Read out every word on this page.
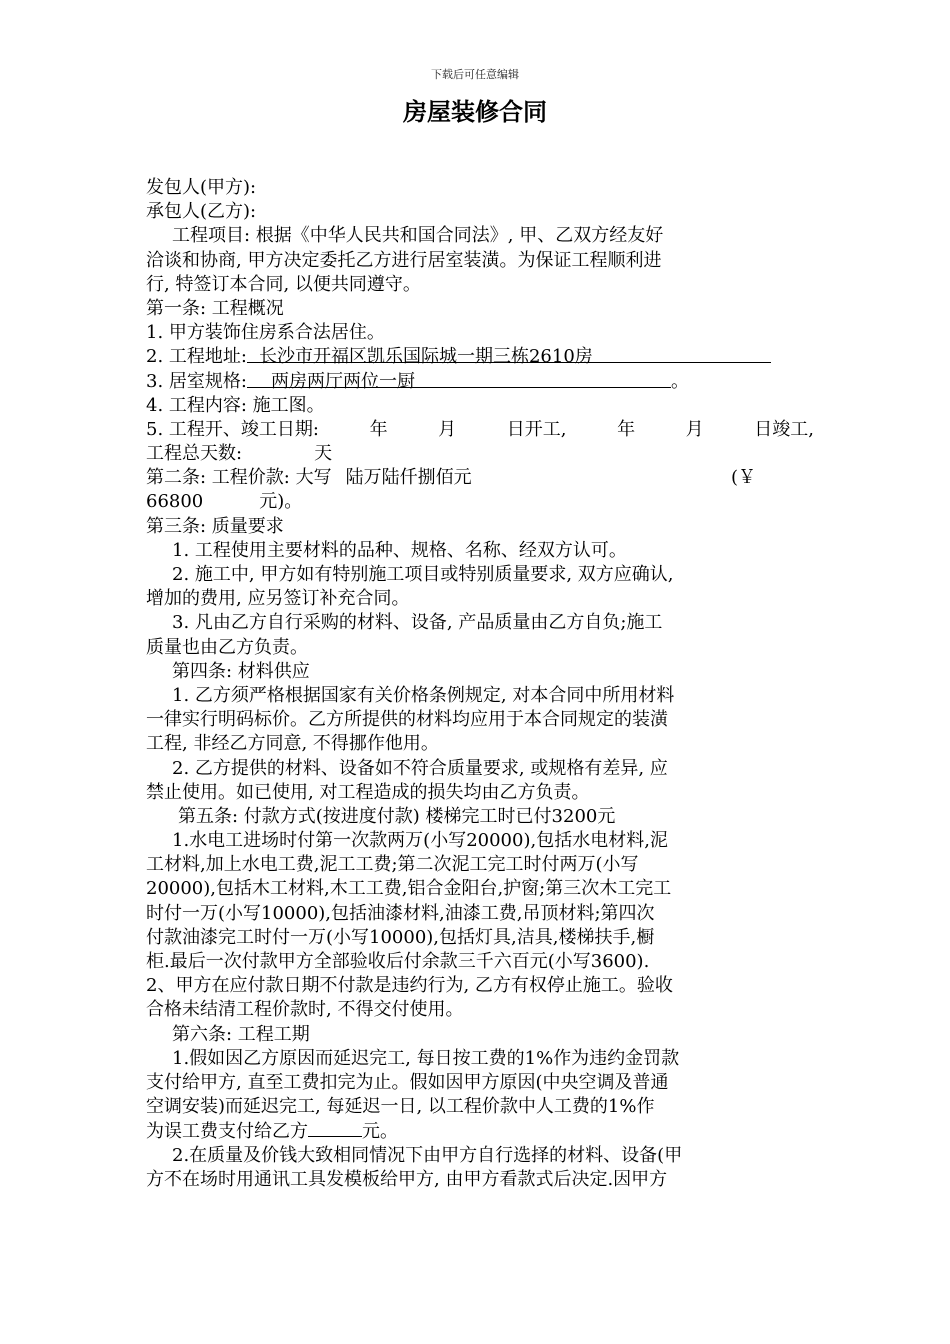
下载后可任意编辑
房屋装修合同
发包人(甲方):
承包人(乙方):
工程项目: 根据《中华人民共和国合同法》, 甲、乙双方经友好
洽谈和协商, 甲方决定委托乙方进行居室装潢。为保证工程顺利进
行, 特签订本合同, 以便共同遵守。
第一条: 工程概况
1. 甲方装饰住房系合法居住。
2. 工程地址: 长沙市开福区凯乐国际城一期三栋2610房
3. 居室规格: 两房两厅两位一厨	。
4. 工程内容: 施工图。
5. 工程开、竣工日期:	年	月	日开工,	年	月	日竣工,
工程总天数:	天
第二条: 工程价款: 大写 陆万陆仟捌佰元	(￥
66800	元)。
第三条: 质量要求
1. 工程使用主要材料的品种、规格、名称、经双方认可。
2. 施工中, 甲方如有特别施工项目或特别质量要求, 双方应确认,
增加的费用, 应另签订补充合同。
3. 凡由乙方自行采购的材料、设备, 产品质量由乙方自负;施工
质量也由乙方负责。
第四条: 材料供应
1. 乙方须严格根据国家有关价格条例规定, 对本合同中所用材料
一律实行明码标价。乙方所提供的材料均应用于本合同规定的装潢
工程, 非经乙方同意, 不得挪作他用。
2. 乙方提供的材料、设备如不符合质量要求, 或规格有差异, 应
禁止使用。如已使用, 对工程造成的损失均由乙方负责。
第五条: 付款方式(按进度付款) 楼梯完工时已付3200元
1.水电工进场时付第一次款两万(小写20000),包括水电材料,泥
工材料,加上水电工费,泥工工费;第二次泥工完工时付两万(小写
20000),包括木工材料,木工工费,铝合金阳台,护窗;第三次木工完工
时付一万(小写10000),包括油漆材料,油漆工费,吊顶材料;第四次
付款油漆完工时付一万(小写10000),包括灯具,洁具,楼梯扶手,橱
柜.最后一次付款甲方全部验收后付余款三千六百元(小写3600).
2、甲方在应付款日期不付款是违约行为, 乙方有权停止施工。验收
合格未结清工程价款时, 不得交付使用。
第六条: 工程工期
1.假如因乙方原因而延迟完工, 每日按工费的1%作为违约金罚款
支付给甲方, 直至工费扣完为止。假如因甲方原因(中央空调及普通
空调安装)而延迟完工, 每延迟一日, 以工程价款中人工费的1%作
为误工费支付给乙方	元。
2.在质量及价钱大致相同情况下由甲方自行选择的材料、设备(甲
方不在场时用通讯工具发模板给甲方, 由甲方看款式后决定.因甲方
